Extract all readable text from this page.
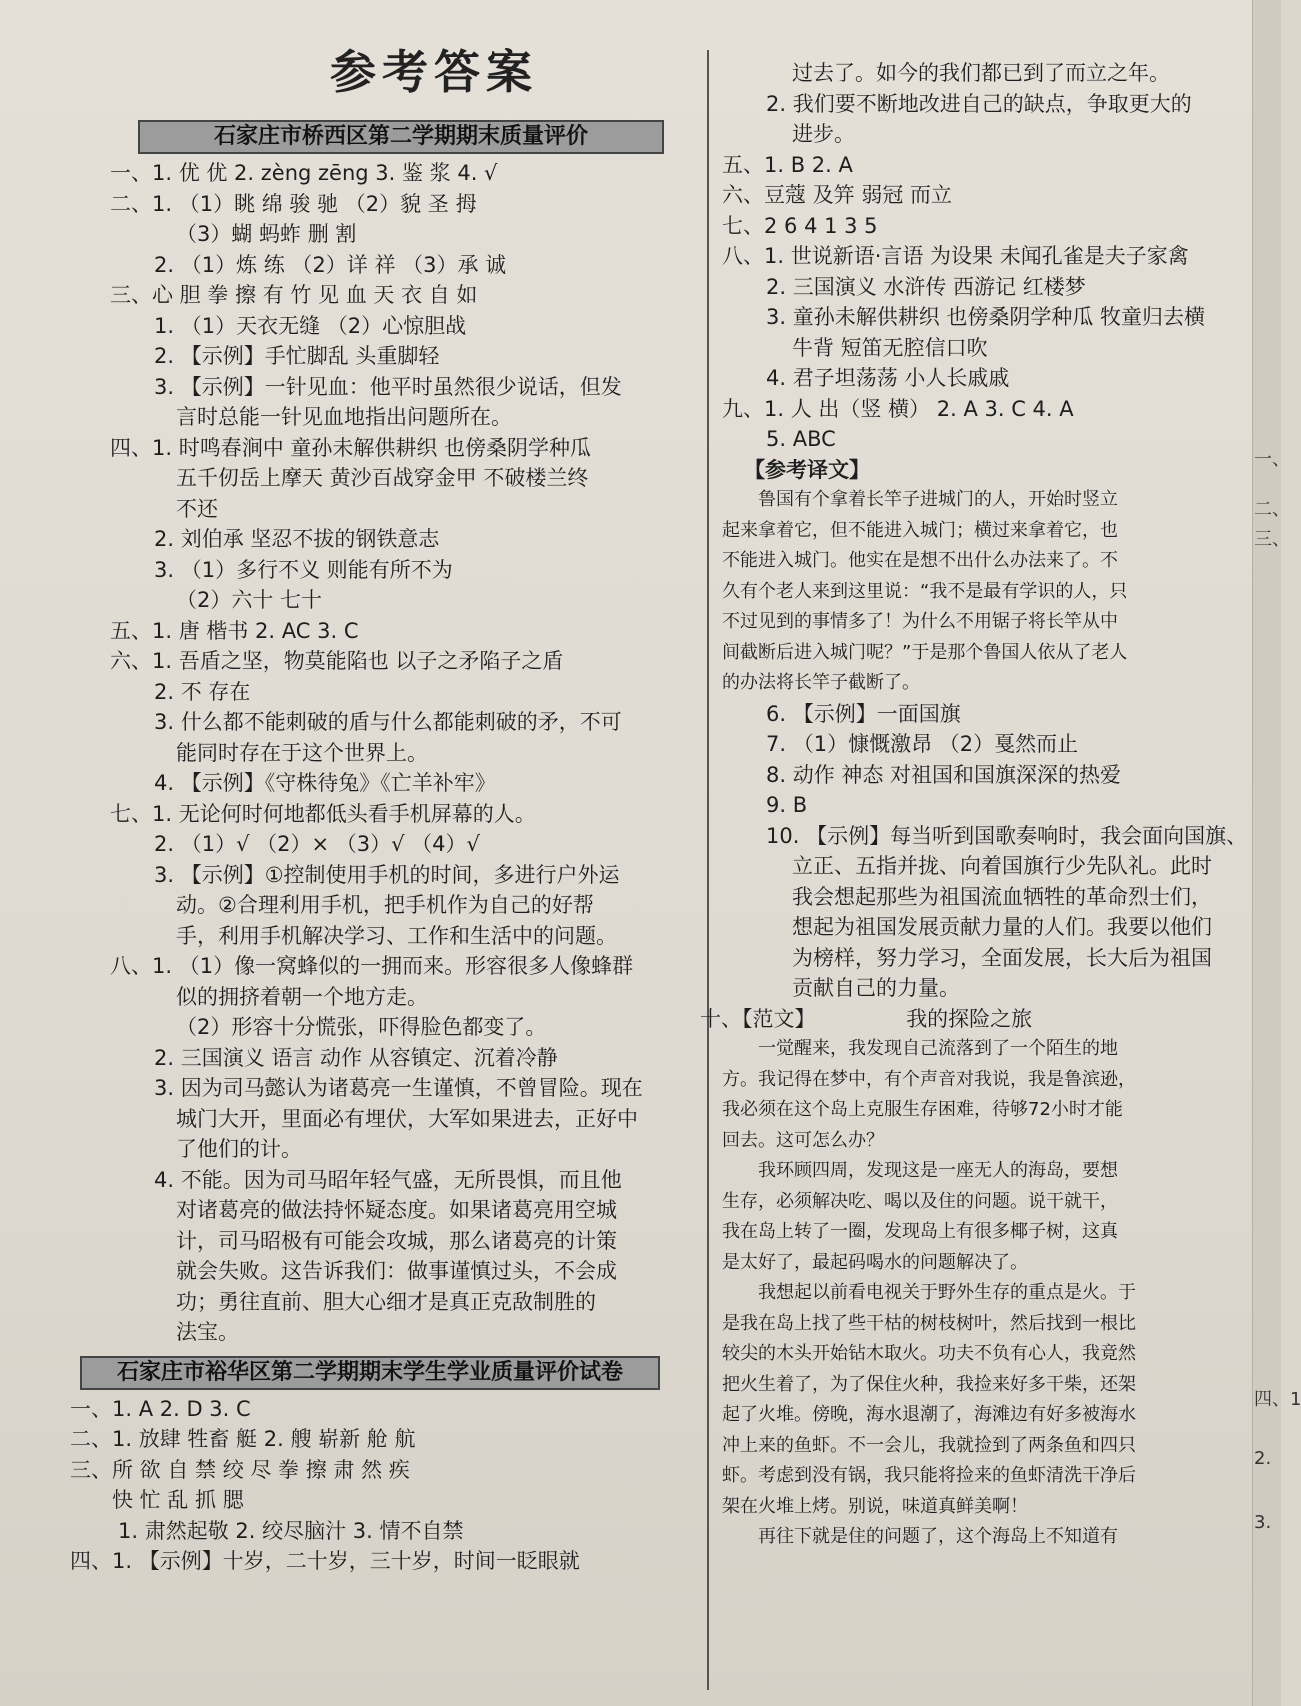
参考答案
石家庄市桥西区第二学期期末质量评价
一、1. 优 优 2. zèng zēng 3. 鉴 浆 4. √
二、1. （1）眺 绵 骏 驰 （2）貌 圣 拇
（3）蝴 蚂蚱 删 割
2. （1）炼 练 （2）详 祥 （3）承 诚
三、心 胆 拳 擦 有 竹 见 血 天 衣 自 如
1. （1）天衣无缝 （2）心惊胆战
2. 【示例】手忙脚乱 头重脚轻
3. 【示例】一针见血：他平时虽然很少说话，但发
言时总能一针见血地指出问题所在。
四、1. 时鸣春涧中 童孙未解供耕织 也傍桑阴学种瓜
五千仞岳上摩天 黄沙百战穿金甲 不破楼兰终
不还
2. 刘伯承 坚忍不拔的钢铁意志
3. （1）多行不义 则能有所不为
（2）六十 七十
五、1. 唐 楷书 2. AC 3. C
六、1. 吾盾之坚，物莫能陷也 以子之矛陷子之盾
2. 不 存在
3. 什么都不能刺破的盾与什么都能刺破的矛，不可
能同时存在于这个世界上。
4. 【示例】《守株待兔》《亡羊补牢》
七、1. 无论何时何地都低头看手机屏幕的人。
2. （1）√ （2）× （3）√ （4）√
3. 【示例】①控制使用手机的时间，多进行户外运
动。②合理利用手机，把手机作为自己的好帮
手，利用手机解决学习、工作和生活中的问题。
八、1. （1）像一窝蜂似的一拥而来。形容很多人像蜂群
似的拥挤着朝一个地方走。
（2）形容十分慌张，吓得脸色都变了。
2. 三国演义 语言 动作 从容镇定、沉着冷静
3. 因为司马懿认为诸葛亮一生谨慎，不曾冒险。现在
城门大开，里面必有埋伏，大军如果进去，正好中
了他们的计。
4. 不能。因为司马昭年轻气盛，无所畏惧，而且他
对诸葛亮的做法持怀疑态度。如果诸葛亮用空城
计，司马昭极有可能会攻城，那么诸葛亮的计策
就会失败。这告诉我们：做事谨慎过头，不会成
功；勇往直前、胆大心细才是真正克敌制胜的
法宝。
石家庄市裕华区第二学期期末学生学业质量评价试卷
一、1. A 2. D 3. C
二、1. 放肆 牲畜 艇 2. 艘 崭新 舱 航
三、所 欲 自 禁 绞 尽 拳 擦 肃 然 疾
快 忙 乱 抓 腮
1. 肃然起敬 2. 绞尽脑汁 3. 情不自禁
四、1. 【示例】十岁，二十岁，三十岁，时间一眨眼就
过去了。如今的我们都已到了而立之年。
2. 我们要不断地改进自己的缺点，争取更大的
进步。
五、1. B 2. A
六、豆蔻 及笄 弱冠 而立
七、2 6 4 1 3 5
八、1. 世说新语·言语 为设果 未闻孔雀是夫子家禽
2. 三国演义 水浒传 西游记 红楼梦
3. 童孙未解供耕织 也傍桑阴学种瓜 牧童归去横
牛背 短笛无腔信口吹
4. 君子坦荡荡 小人长戚戚
九、1. 人 出（竖 横） 2. A 3. C 4. A
5. ABC
【参考译文】
鲁国有个拿着长竿子进城门的人，开始时竖立
起来拿着它，但不能进入城门；横过来拿着它，也
不能进入城门。他实在是想不出什么办法来了。不
久有个老人来到这里说：“我不是最有学识的人，只
不过见到的事情多了！为什么不用锯子将长竿从中
间截断后进入城门呢？”于是那个鲁国人依从了老人
的办法将长竿子截断了。
6. 【示例】一面国旗
7. （1）慷慨激昂 （2）戛然而止
8. 动作 神态 对祖国和国旗深深的热爱
9. B
10. 【示例】每当听到国歌奏响时，我会面向国旗、
立正、五指并拢、向着国旗行少先队礼。此时
我会想起那些为祖国流血牺牲的革命烈士们，
想起为祖国发展贡献力量的人们。我要以他们
为榜样，努力学习，全面发展，长大后为祖国
贡献自己的力量。
十、【范文】	我的探险之旅
一觉醒来，我发现自己流落到了一个陌生的地
方。我记得在梦中，有个声音对我说，我是鲁滨逊，
我必须在这个岛上克服生存困难，待够72小时才能
回去。这可怎么办？
我环顾四周，发现这是一座无人的海岛，要想
生存，必须解决吃、喝以及住的问题。说干就干，
我在岛上转了一圈，发现岛上有很多椰子树，这真
是太好了，最起码喝水的问题解决了。
我想起以前看电视关于野外生存的重点是火。于
是我在岛上找了些干枯的树枝树叶，然后找到一根比
较尖的木头开始钻木取火。功夫不负有心人，我竟然
把火生着了，为了保住火种，我捡来好多干柴，还架
起了火堆。傍晚，海水退潮了，海滩边有好多被海水
冲上来的鱼虾。不一会儿，我就捡到了两条鱼和四只
虾。考虑到没有锅，我只能将捡来的鱼虾清洗干净后
架在火堆上烤。别说，味道真鲜美啊！
再往下就是住的问题了，这个海岛上不知道有
一、
二、
三、
四、1
2.
3.
